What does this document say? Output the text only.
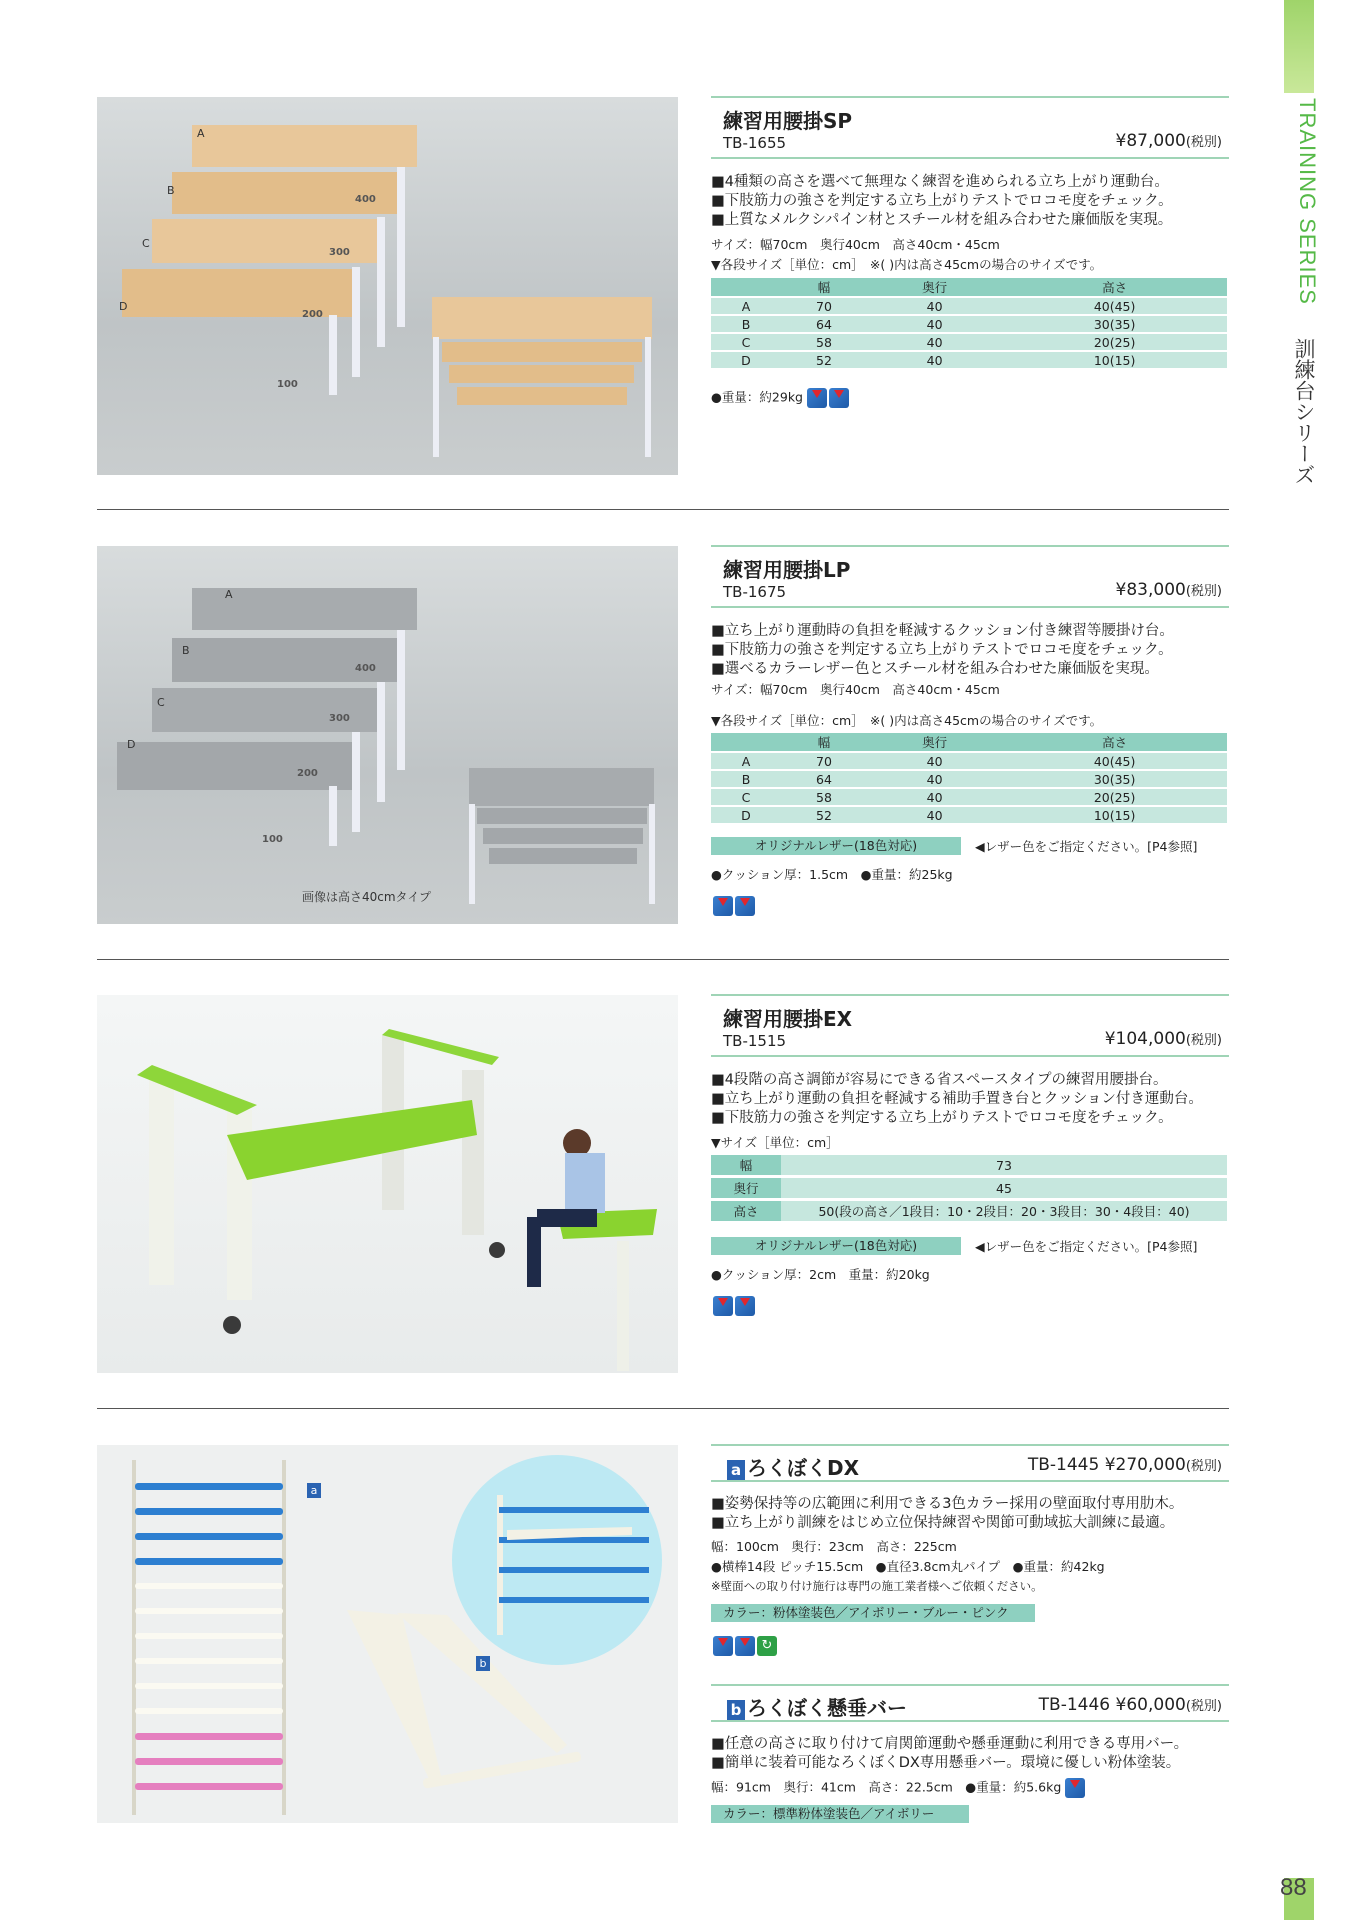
TRAINING SERIES
訓練台シリーズ
88
A
B
C
D
400
300
200
100
練習用腰掛SP
TB-1655	¥87,000(税別)
■4種類の高さを選べて無理なく練習を進められる立ち上がり運動台。
■下肢筋力の強さを判定する立ち上がりテストでロコモ度をチェック。
■上質なメルクシパイン材とスチール材を組み合わせた廉価版を実現。
サイズ：幅70cm　奥行40cm　高さ40cm・45cm
▼各段サイズ［単位：cm］　※( )内は高さ45cmの場合のサイズです。
	幅	奥行	高さ
A	70	40	40(45)
B	64	40	30(35)
C	58	40	20(25)
D	52	40	10(15)
●重量：約29kg
A
B
C
D
400
300
200
100
画像は高さ40cmタイプ
練習用腰掛LP
TB-1675	¥83,000(税別)
■立ち上がり運動時の負担を軽減するクッション付き練習等腰掛け台。
■下肢筋力の強さを判定する立ち上がりテストでロコモ度をチェック。
■選べるカラーレザー色とスチール材を組み合わせた廉価版を実現。
サイズ：幅70cm　奥行40cm　高さ40cm・45cm
▼各段サイズ［単位：cm］　※( )内は高さ45cmの場合のサイズです。
	幅	奥行	高さ
A	70	40	40(45)
B	64	40	30(35)
C	58	40	20(25)
D	52	40	10(15)
オリジナルレザー(18色対応)	◀レザー色をご指定ください。[P4参照]
●クッション厚：1.5cm　●重量：約25kg
練習用腰掛EX
TB-1515	¥104,000(税別)
■4段階の高さ調節が容易にできる省スペースタイプの練習用腰掛台。
■立ち上がり運動の負担を軽減する補助手置き台とクッション付き運動台。
■下肢筋力の強さを判定する立ち上がりテストでロコモ度をチェック。
▼サイズ［単位：cm］
幅	73
奥行	45
高さ	50(段の高さ／1段目：10・2段目：20・3段目：30・4段目：40)
オリジナルレザー(18色対応)	◀レザー色をご指定ください。[P4参照]
●クッション厚：2cm　重量：約20kg
a
b
a ろくぼくDX	TB-1445 ¥270,000(税別)
■姿勢保持等の広範囲に利用できる3色カラー採用の壁面取付専用肋木。
■立ち上がり訓練をはじめ立位保持練習や関節可動域拡大訓練に最適。
幅：100cm　奥行：23cm　高さ：225cm
●横棒14段 ピッチ15.5cm　●直径3.8cm丸パイプ　●重量：約42kg
※壁面への取り付け施行は専門の施工業者様へご依頼ください。
カラー：粉体塗装色／アイボリー・ブルー・ピンク
↻
b ろくぼく懸垂バー	TB-1446 ¥60,000(税別)
■任意の高さに取り付けて肩関節運動や懸垂運動に利用できる専用バー。
■簡単に装着可能なろくぼくDX専用懸垂バー。環境に優しい粉体塗装。
幅：91cm　奥行：41cm　高さ：22.5cm　●重量：約5.6kg
カラー：標準粉体塗装色／アイボリー
